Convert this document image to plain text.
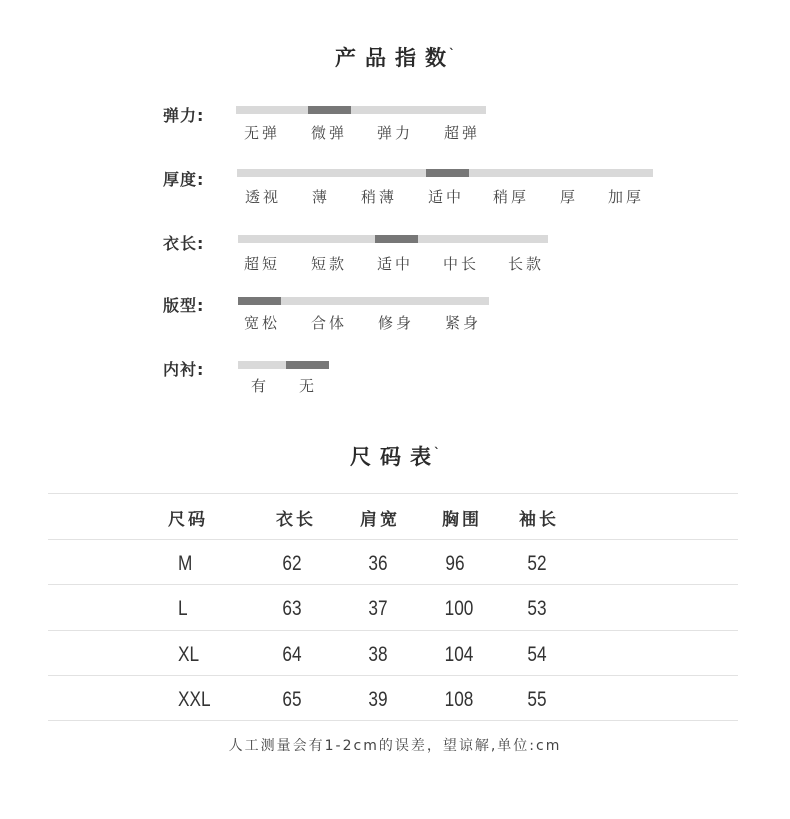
产品指数
ˎ
弹力:
无弹	微弹	弹力	超弹
厚度:
透视	薄	稍薄	适中	稍厚	厚	加厚
衣长:
超短	短款	适中	中长	长款
版型:
宽松	合体	修身	紧身
内衬:
有	无
尺码表
ˎ
尺码	衣长	肩宽	胸围	袖长
M	62	36	96	52
L	63	37	100	53
XL	64	38	104	54
XXL	65	39	108	55
人工测量会有1-2cm的误差，望谅解,单位:cm
